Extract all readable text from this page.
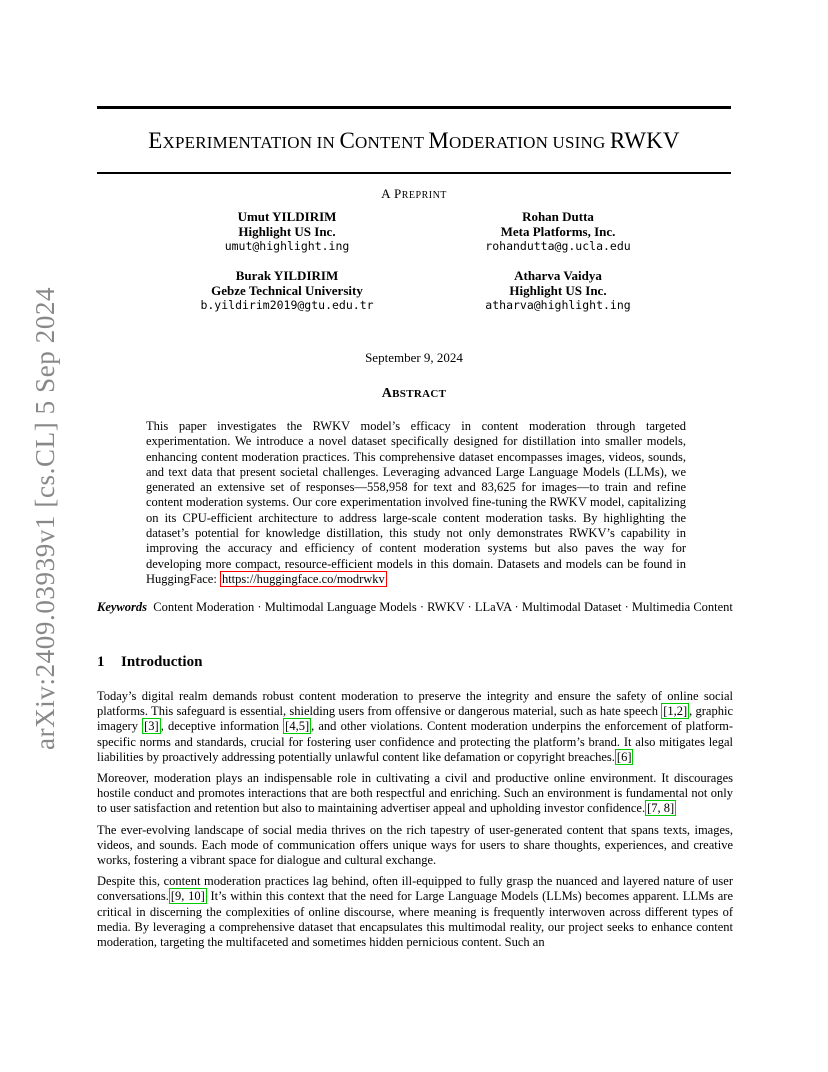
arXiv:2409.03939v1 [cs.CL] 5 Sep 2024
EXPERIMENTATION IN CONTENT MODERATION USING RWKV
A PREPRINT
Umut YILDIRIM
Highlight US Inc.
umut@highlight.ing
Rohan Dutta
Meta Platforms, Inc.
rohandutta@g.ucla.edu
Burak YILDIRIM
Gebze Technical University
b.yildirim2019@gtu.edu.tr
Atharva Vaidya
Highlight US Inc.
atharva@highlight.ing
September 9, 2024
ABSTRACT
This paper investigates the RWKV model’s efficacy in content moderation through targeted experimentation. We introduce a novel dataset specifically designed for distillation into smaller models, enhancing content moderation practices. This comprehensive dataset encompasses images, videos, sounds, and text data that present societal challenges. Leveraging advanced Large Language Models (LLMs), we generated an extensive set of responses—558,958 for text and 83,625 for images—to train and refine content moderation systems. Our core experimentation involved fine-tuning the RWKV model, capitalizing on its CPU-efficient architecture to address large-scale content moderation tasks. By highlighting the dataset’s potential for knowledge distillation, this study not only demonstrates RWKV’s capability in improving the accuracy and efficiency of content moderation systems but also paves the way for developing more compact, resource-efficient models in this domain. Datasets and models can be found in HuggingFace: https://huggingface.co/modrwkv
Keywords Content Moderation · Multimodal Language Models · RWKV · LLaVA · Multimodal Dataset · Multimedia Content
1 Introduction

Today’s digital realm demands robust content moderation to preserve the integrity and ensure the safety of online social platforms. This safeguard is essential, shielding users from offensive or dangerous material, such as hate speech [1,2] , graphic imagery [3] , deceptive information [4,5] , and other violations. Content moderation underpins the enforcement of platform-specific norms and standards, crucial for fostering user confidence and protecting the platform’s brand. It also mitigates legal liabilities by proactively addressing potentially unlawful content like defamation or copyright breaches. [6]

Moreover, moderation plays an indispensable role in cultivating a civil and productive online environment. It discourages hostile conduct and promotes interactions that are both respectful and enriching. Such an environment is fundamental not only to user satisfaction and retention but also to maintaining advertiser appeal and upholding investor confidence. [7, 8]

The ever-evolving landscape of social media thrives on the rich tapestry of user-generated content that spans texts, images, videos, and sounds. Each mode of communication offers unique ways for users to share thoughts, experiences, and creative works, fostering a vibrant space for dialogue and cultural exchange.

Despite this, content moderation practices lag behind, often ill-equipped to fully grasp the nuanced and layered nature of user conversations. [9, 10] It’s within this context that the need for Large Language Models (LLMs) becomes apparent. LLMs are critical in discerning the complexities of online discourse, where meaning is frequently interwoven across different types of media. By leveraging a comprehensive dataset that encapsulates this multimodal reality, our project seeks to enhance content moderation, targeting the multifaceted and sometimes hidden pernicious content. Such an
